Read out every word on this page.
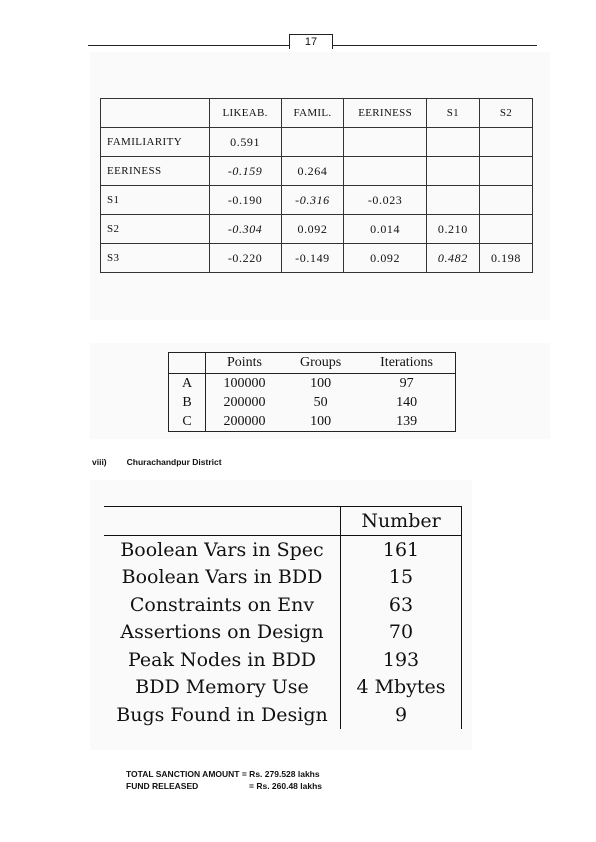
17
	LIKEAB.	FAMIL.	EERINESS	S1	S2
FAMILIARITY	0.591				
EERINESS	-0.159	0.264			
S1	-0.190	-0.316	-0.023		
S2	-0.304	0.092	0.014	0.210	
S3	-0.220	-0.149	0.092	0.482	0.198
	Points	Groups	Iterations
A	100000	100	97
B	200000	50	140
C	200000	100	139
viii) Churachandpur District
	Number
Boolean Vars in Spec	161
Boolean Vars in BDD	15
Constraints on Env	63
Assertions on Design	70
Peak Nodes in BDD	193
BDD Memory Use	4 Mbytes
Bugs Found in Design	9
TOTAL SANCTION AMOUNT
= Rs. 279.528 lakhs
FUND RELEASED	= Rs. 260.48 lakhs
